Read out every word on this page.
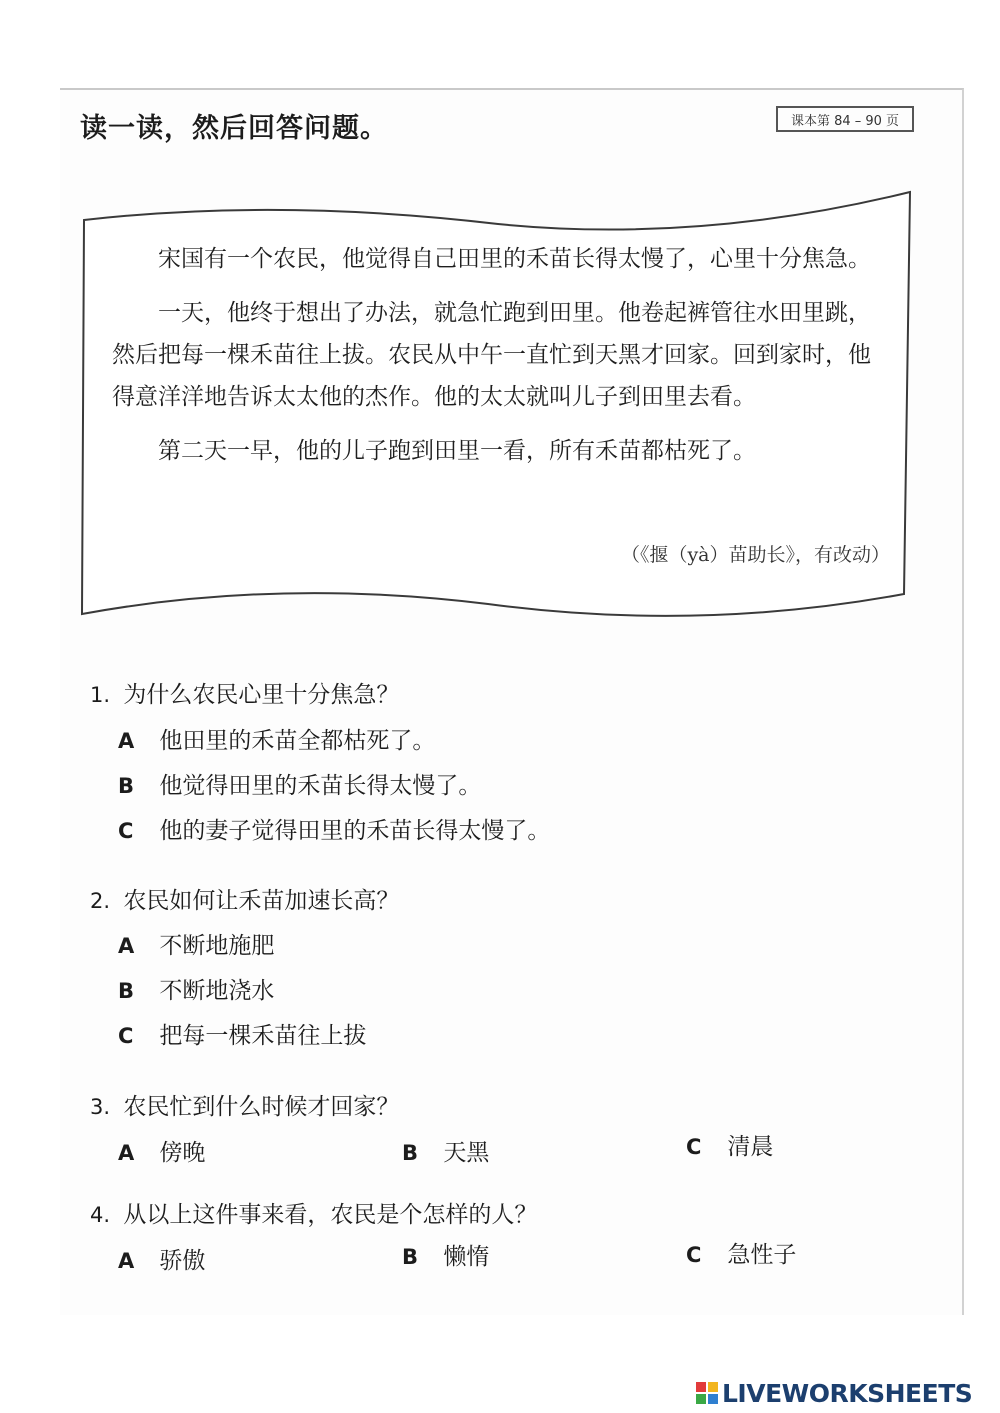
读一读，然后回答问题。	课本第 84 – 90 页

宋国有一个农民，他觉得自己田里的禾苗长得太慢了，心里十分焦急。

一天，他终于想出了办法，就急忙跑到田里。他卷起裤管往水田里跳，然后把每一棵禾苗往上拔。农民从中午一直忙到天黑才回家。回到家时，他得意洋洋地告诉太太他的杰作。他的太太就叫儿子到田里去看。

第二天一早，他的儿子跑到田里一看，所有禾苗都枯死了。

（《揠（yà）苗助长》，有改动）
1. 为什么农民心里十分焦急？
A 他田里的禾苗全都枯死了。
B 他觉得田里的禾苗长得太慢了。
C 他的妻子觉得田里的禾苗长得太慢了。
2. 农民如何让禾苗加速长高？
A 不断地施肥
B 不断地浇水
C 把每一棵禾苗往上拔
3. 农民忙到什么时候才回家？
A 傍晚	B 天黑	C 清晨
4. 从以上这件事来看，农民是个怎样的人？
A 骄傲	B 懒惰	C 急性子
LIVEWORKSHEETS
